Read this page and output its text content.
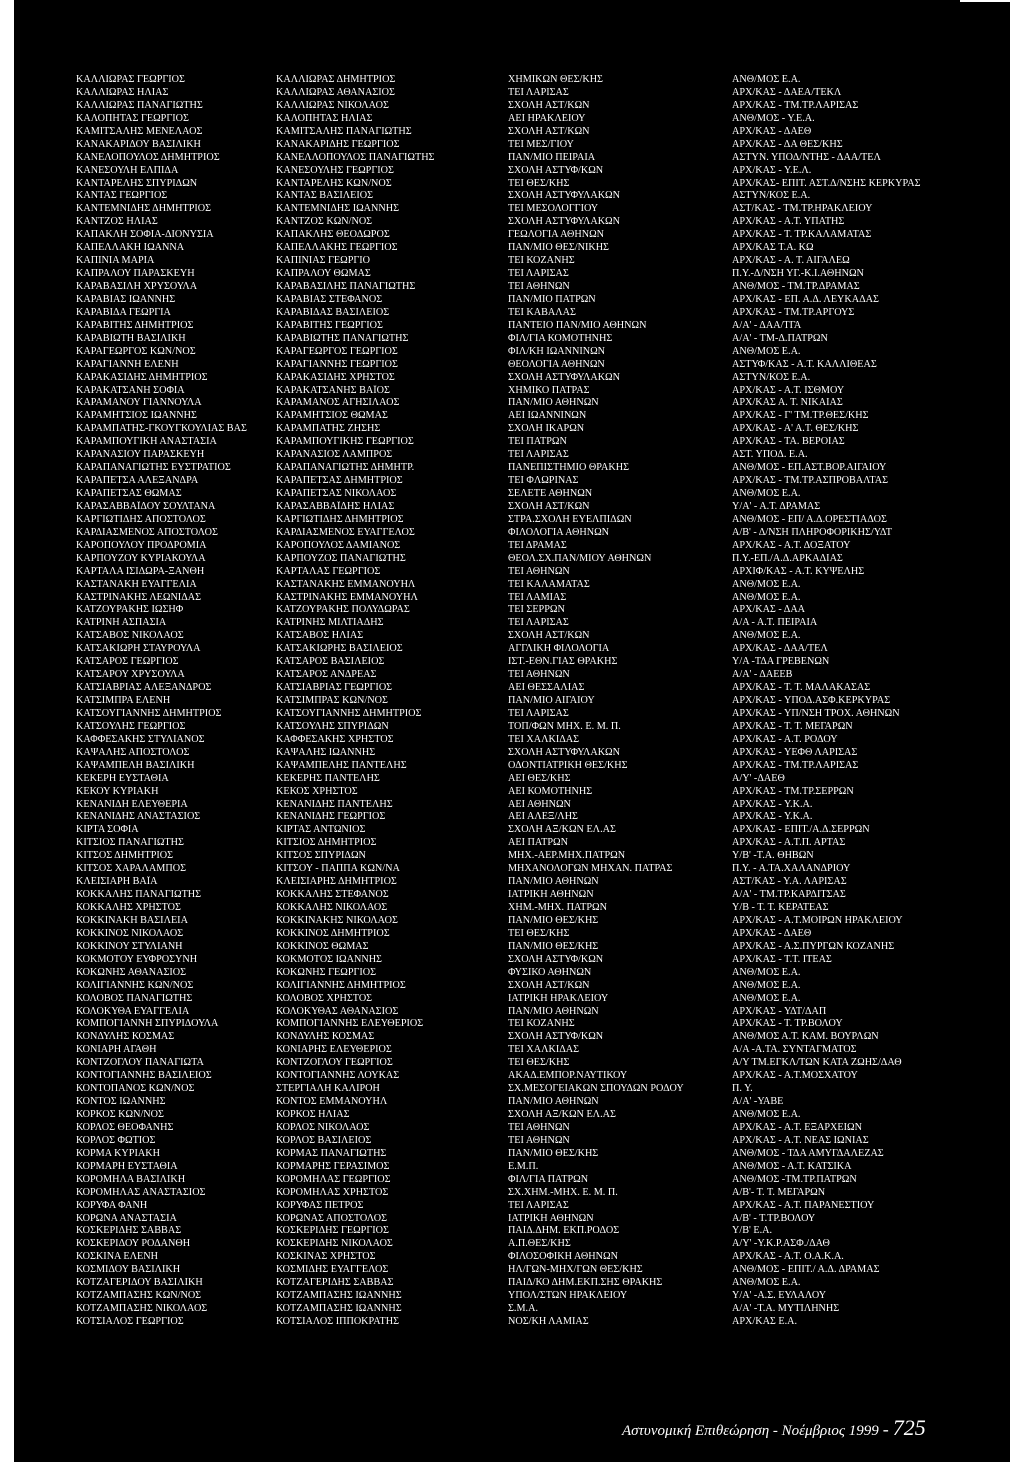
ΚΑΛΛΙΩΡΑΣ ΓΕΩΡΓΙΟΣ	ΚΑΛΛΙΩΡΑΣ ΔΗΜΗΤΡΙΟΣ	ΧΗΜΙΚΩΝ ΘΕΣ/ΚΗΣ	ΑΝΘ/ΜΟΣ Ε.Α.
ΚΑΛΛΙΩΡΑΣ ΗΛΙΑΣ	ΚΑΛΛΙΩΡΑΣ ΑΘΑΝΑΣΙΟΣ	ΤΕΙ ΛΑΡΙΣΑΣ	ΑΡΧ/ΚΑΣ - ΔΑΕΑ/ΤΕΚΛ
ΚΑΛΛΙΩΡΑΣ ΠΑΝΑΓΙΩΤΗΣ	ΚΑΛΛΙΩΡΑΣ ΝΙΚΟΛΑΟΣ	ΣΧΟΛΗ ΑΣΤ/ΚΩΝ	ΑΡΧ/ΚΑΣ - ΤΜ.ΤΡ.ΛΑΡΙΣΑΣ
ΚΑΛΟΠΗΤΑΣ ΓΕΩΡΓΙΟΣ	ΚΑΛΟΠΗΤΑΣ ΗΛΙΑΣ	ΑΕΙ ΗΡΑΚΛΕΙΟΥ	ΑΝΘ/ΜΟΣ - Υ.Ε.Α.
ΚΑΜΙΤΣΑΛΗΣ ΜΕΝΕΛΑΟΣ	ΚΑΜΙΤΣΑΛΗΣ ΠΑΝΑΓΙΩΤΗΣ	ΣΧΟΛΗ ΑΣΤ/ΚΩΝ	ΑΡΧ/ΚΑΣ - ΔΑΕΘ
ΚΑΝΑΚΑΡΙΔΟΥ ΒΑΣΙΛΙΚΗ	ΚΑΝΑΚΑΡΙΔΗΣ ΓΕΩΡΓΙΟΣ	ΤΕΙ ΜΕΣ/ΓΙΟΥ	ΑΡΧ/ΚΑΣ - ΔΑ ΘΕΣ/ΚΗΣ
ΚΑΝΕΛΟΠΟΥΛΟΣ ΔΗΜΗΤΡΙΟΣ	ΚΑΝΕΛΛΟΠΟΥΛΟΣ ΠΑΝΑΓΙΩΤΗΣ	ΠΑΝ/ΜΙΟ ΠΕΙΡΑΙΑ	ΑΣΤΥΝ. ΥΠΟΔ/ΝΤΗΣ - ΔΑΑ/ΤΕΛ
ΚΑΝΕΣΟΥΛΗ ΕΛΠΙΔΑ	ΚΑΝΕΣΟΥΛΗΣ ΓΕΩΡΓΙΟΣ	ΣΧΟΛΗ ΑΣΤΥΦ/ΚΩΝ	ΑΡΧ/ΚΑΣ - Υ.Ε.Λ.
ΚΑΝΤΑΡΕΛΗΣ ΣΠΥΡΙΔΩΝ	ΚΑΝΤΑΡΕΛΗΣ ΚΩΝ/ΝΟΣ	ΤΕΙ ΘΕΣ/ΚΗΣ	ΑΡΧ/ΚΑΣ- ΕΠΙΤ. ΑΣΤ.Δ/ΝΣΗΣ ΚΕΡΚΥΡΑΣ
ΚΑΝΤΑΣ ΓΕΩΡΓΙΟΣ	ΚΑΝΤΑΣ ΒΑΣΙΛΕΙΟΣ	ΣΧΟΛΗ ΑΣΤΥΦΥΛΑΚΩΝ	ΑΣΤΥΝ/ΚΟΣ Ε.Α.
ΚΑΝΤΕΜΝΙΔΗΣ ΔΗΜΗΤΡΙΟΣ	ΚΑΝΤΕΜΝΙΔΗΣ ΙΩΑΝΝΗΣ	ΤΕΙ ΜΕΣΟΛΟΓΓΙΟΥ	ΑΣΤ/ΚΑΣ - ΤΜ.ΤΡ.ΗΡΑΚΛΕΙΟΥ
ΚΑΝΤΖΟΣ ΗΛΙΑΣ	ΚΑΝΤΖΟΣ ΚΩΝ/ΝΟΣ	ΣΧΟΛΗ ΑΣΤΥΦΥΛΑΚΩΝ	ΑΡΧ/ΚΑΣ - Α.Τ. ΥΠΑΤΗΣ
ΚΑΠΑΚΛΗ ΣΟΦΙΑ-ΔΙΟΝΥΣΙΑ	ΚΑΠΑΚΛΗΣ ΘΕΟΔΩΡΟΣ	ΓΕΩΛΟΓΙΑ ΑΘΗΝΩΝ	ΑΡΧ/ΚΑΣ - Τ. ΤΡ.ΚΑΛΑΜΑΤΑΣ
ΚΑΠΕΛΛΑΚΗ ΙΩΑΝΝΑ	ΚΑΠΕΛΛΑΚΗΣ ΓΕΩΡΓΙΟΣ	ΠΑΝ/ΜΙΟ ΘΕΣ/ΝΙΚΗΣ	ΑΡΧ/ΚΑΣ Τ.Α. ΚΩ
ΚΑΠΙΝΙΑ ΜΑΡΙΑ	ΚΑΠΙΝΙΑΣ ΓΕΩΡΓΙΟ	ΤΕΙ ΚΟΖΑΝΗΣ	ΑΡΧ/ΚΑΣ - Α. Τ. ΑΙΓΑΛΕΩ
ΚΑΠΡΑΛΟΥ ΠΑΡΑΣΚΕΥΗ	ΚΑΠΡΑΛΟΥ ΘΩΜΑΣ	ΤΕΙ ΛΑΡΙΣΑΣ	Π.Υ.-Δ/ΝΣΗ ΥΓ.-Κ.Ι.ΑΘΗΝΩΝ
ΚΑΡΑΒΑΣΙΛΗ ΧΡΥΣΟΥΛΑ	ΚΑΡΑΒΑΣΙΛΗΣ ΠΑΝΑΓΙΩΤΗΣ	ΤΕΙ ΑΘΗΝΩΝ	ΑΝΘ/ΜΟΣ - ΤΜ.ΤΡ.ΔΡΑΜΑΣ
ΚΑΡΑΒΙΑΣ ΙΩΑΝΝΗΣ	ΚΑΡΑΒΙΑΣ ΣΤΕΦΑΝΟΣ	ΠΑΝ/ΜΙΟ ΠΑΤΡΩΝ	ΑΡΧ/ΚΑΣ - ΕΠ. Α.Δ. ΛΕΥΚΑΔΑΣ
ΚΑΡΑΒΙΔΑ ΓΕΩΡΓΙΑ	ΚΑΡΑΒΙΔΑΣ ΒΑΣΙΛΕΙΟΣ	ΤΕΙ ΚΑΒΑΛΑΣ	ΑΡΧ/ΚΑΣ - ΤΜ.ΤΡ.ΑΡΓΟΥΣ
ΚΑΡΑΒΙΤΗΣ ΔΗΜΗΤΡΙΟΣ	ΚΑΡΑΒΙΤΗΣ ΓΕΩΡΓΙΟΣ	ΠΑΝΤΕΙΟ ΠΑΝ/ΜΙΟ ΑΘΗΝΩΝ	Α/Α' - ΔΑΑ/ΤΓΑ
ΚΑΡΑΒΙΩΤΗ ΒΑΣΙΛΙΚΗ	ΚΑΡΑΒΙΩΤΗΣ ΠΑΝΑΓΙΩΤΗΣ	ΦΙΛ/ΓΙΑ ΚΟΜΟΤΗΝΗΣ	Α/Α' - ΤΜ-Δ.ΠΑΤΡΩΝ
ΚΑΡΑΓΕΩΡΓΟΣ ΚΩΝ/ΝΟΣ	ΚΑΡΑΓΕΩΡΓΟΣ ΓΕΩΡΓΙΟΣ	ΦΙΛ/ΚΗ ΙΩΑΝΝΙΝΩΝ	ΑΝΘ/ΜΟΣ Ε.Α.
ΚΑΡΑΓΙΑΝΝΗ ΕΛΕΝΗ	ΚΑΡΑΓΙΑΝΝΗΣ ΓΕΩΡΓΙΟΣ	ΘΕΟΛΟΓΙΑ ΑΘΗΝΩΝ	ΑΣΤΥΦ/ΚΑΣ - Α.Τ. ΚΑΛΛΙΘΕΑΣ
ΚΑΡΑΚΑΣΙΔΗΣ ΔΗΜΗΤΡΙΟΣ	ΚΑΡΑΚΑΣΙΔΗΣ ΧΡΗΣΤΟΣ	ΣΧΟΛΗ ΑΣΤΥΦΥΛΑΚΩΝ	ΑΣΤΥΝ/ΚΟΣ Ε.Α.
ΚΑΡΑΚΑΤΣΑΝΗ ΣΟΦΙΑ	ΚΑΡΑΚΑΤΣΑΝΗΣ ΒΑΪΟΣ	ΧΗΜΙΚΟ ΠΑΤΡΑΣ	ΑΡΧ/ΚΑΣ - Α.Τ. ΙΣΘΜΟΥ
ΚΑΡΑΜΑΝΟΥ ΓΙΑΝΝΟΥΛΑ	ΚΑΡΑΜΑΝΟΣ ΑΓΗΣΙΛΑΟΣ	ΠΑΝ/ΜΙΟ ΑΘΗΝΩΝ	ΑΡΧ/ΚΑΣ Α. Τ. ΝΙΚΑΙΑΣ
ΚΑΡΑΜΗΤΣΙΟΣ ΙΩΑΝΝΗΣ	ΚΑΡΑΜΗΤΣΙΟΣ ΘΩΜΑΣ	ΑΕΙ ΙΩΑΝΝΙΝΩΝ	ΑΡΧ/ΚΑΣ - Γ' ΤΜ.ΤΡ.ΘΕΣ/ΚΗΣ
ΚΑΡΑΜΠΑΤΗΣ-ΓΚΟΥΓΚΟΥΛΙΑΣ ΒΑΣ	ΚΑΡΑΜΠΑΤΗΣ ΖΗΣΗΣ	ΣΧΟΛΗ ΙΚΑΡΩΝ	ΑΡΧ/ΚΑΣ - Α' Α.Τ. ΘΕΣ/ΚΗΣ
ΚΑΡΑΜΠΟΥΓΙΚΗ ΑΝΑΣΤΑΣΙΑ	ΚΑΡΑΜΠΟΥΓΙΚΗΣ ΓΕΩΡΓΙΟΣ	ΤΕΙ ΠΑΤΡΩΝ	ΑΡΧ/ΚΑΣ - ΤΑ. ΒΕΡΟΙΑΣ
ΚΑΡΑΝΑΣΙΟΥ ΠΑΡΑΣΚΕΥΗ	ΚΑΡΑΝΑΣΙΟΣ ΛΑΜΠΡΟΣ	ΤΕΙ ΛΑΡΙΣΑΣ	ΑΣΤ. ΥΠΟΔ. Ε.Α.
ΚΑΡΑΠΑΝΑΓΙΩΤΗΣ ΕΥΣΤΡΑΤΙΟΣ	ΚΑΡΑΠΑΝΑΓΙΩΤΗΣ ΔΗΜΗΤΡ.	ΠΑΝΕΠΙΣΤΗΜΙΟ ΘΡΑΚΗΣ	ΑΝΘ/ΜΟΣ - ΕΠ.ΑΣΤ.ΒΟΡ.ΑΙΓΑΙΟΥ
ΚΑΡΑΠΕΤΣΑ ΑΛΕΞΑΝΔΡΑ	ΚΑΡΑΠΕΤΣΑΣ ΔΗΜΗΤΡΙΟΣ	ΤΕΙ ΦΛΩΡΙΝΑΣ	ΑΡΧ/ΚΑΣ - ΤΜ.ΤΡ.ΑΣΠΡΟΒΑΛΤΑΣ
ΚΑΡΑΠΕΤΣΑΣ ΘΩΜΑΣ	ΚΑΡΑΠΕΤΣΑΣ ΝΙΚΟΛΑΟΣ	ΣΕΛΕΤΕ ΑΘΗΝΩΝ	ΑΝΘ/ΜΟΣ Ε.Α.
ΚΑΡΑΣΑΒΒΑΪΔΟΥ ΣΟΥΛΤΑΝΑ	ΚΑΡΑΣΑΒΒΑΪΔΗΣ ΗΛΙΑΣ	ΣΧΟΛΗ ΑΣΤ/ΚΩΝ	Υ/Α' - Α.Τ. ΔΡΑΜΑΣ
ΚΑΡΓΙΩΤΙΔΗΣ ΑΠΟΣΤΟΛΟΣ	ΚΑΡΓΙΩΤΙΔΗΣ ΔΗΜΗΤΡΙΟΣ	ΣΤΡΑ.ΣΧΟΛΗ ΕΥΕΛΠΙΔΩΝ	ΑΝΘ/ΜΟΣ - ΕΠ/ Α.Δ.ΟΡΕΣΤΙΑΔΟΣ
ΚΑΡΔΙΑΣΜΕΝΟΣ ΑΠΟΣΤΟΛΟΣ	ΚΑΡΔΙΑΣΜΕΝΟΣ ΕΥΑΓΓΕΛΟΣ	ΦΙΛΟΛΟΓΙΑ ΑΘΗΝΩΝ	Α/Β' - Δ/ΝΣΗ ΠΛΗΡΟΦΟΡΙΚΗΣ/ΥΔΤ
ΚΑΡΟΠΟΥΛΟΥ ΠΡΟΔΡΟΜΙΑ	ΚΑΡΟΠΟΥΛΟΣ ΔΑΜΙΑΝΟΣ	ΤΕΙ ΔΡΑΜΑΣ	ΑΡΧ/ΚΑΣ - Α.Τ. ΔΟΞΑΤΟΥ
ΚΑΡΠΟΥΖΟΥ ΚΥΡΙΑΚΟΥΛΑ	ΚΑΡΠΟΥΖΟΣ ΠΑΝΑΓΙΩΤΗΣ	ΘΕΟΛ.ΣΧ.ΠΑΝ/ΜΙΟΥ ΑΘΗΝΩΝ	Π.Υ.-ΕΠ./Α.Δ.ΑΡΚΑΔΙΑΣ
ΚΑΡΤΑΛΑ ΙΣΙΔΩΡΑ-ΞΑΝΘΗ	ΚΑΡΤΑΛΑΣ ΓΕΩΡΓΙΟΣ	ΤΕΙ ΑΘΗΝΩΝ	ΑΡΧΙΦ/ΚΑΣ - Α.Τ. ΚΥΨΕΛΗΣ
ΚΑΣΤΑΝΑΚΗ ΕΥΑΓΓΕΛΙΑ	ΚΑΣΤΑΝΑΚΗΣ ΕΜΜΑΝΟΥΗΛ	ΤΕΙ ΚΑΛΑΜΑΤΑΣ	ΑΝΘ/ΜΟΣ Ε.Α.
ΚΑΣΤΡΙΝΑΚΗΣ ΛΕΩΝΙΔΑΣ	ΚΑΣΤΡΙΝΑΚΗΣ ΕΜΜΑΝΟΥΗΛ	ΤΕΙ ΛΑΜΙΑΣ	ΑΝΘ/ΜΟΣ Ε.Α.
ΚΑΤΖΟΥΡΑΚΗΣ ΙΩΣΗΦ	ΚΑΤΖΟΥΡΑΚΗΣ ΠΟΛΥΔΩΡΑΣ	ΤΕΙ ΣΕΡΡΩΝ	ΑΡΧ/ΚΑΣ - ΔΑΑ
ΚΑΤΡΙΝΗ ΑΣΠΑΣΙΑ	ΚΑΤΡΙΝΗΣ ΜΙΛΤΙΑΔΗΣ	ΤΕΙ ΛΑΡΙΣΑΣ	Α/Α - Α.Τ. ΠΕΙΡΑΙΑ
ΚΑΤΣΑΒΟΣ ΝΙΚΟΛΑΟΣ	ΚΑΤΣΑΒΟΣ ΗΛΙΑΣ	ΣΧΟΛΗ ΑΣΤ/ΚΩΝ	ΑΝΘ/ΜΟΣ Ε.Α.
ΚΑΤΣΑΚΙΩΡΗ ΣΤΑΥΡΟΥΛΑ	ΚΑΤΣΑΚΙΩΡΗΣ ΒΑΣΙΛΕΙΟΣ	ΑΓΓΛΙΚΗ ΦΙΛΟΛΟΓΙΑ	ΑΡΧ/ΚΑΣ - ΔΑΑ/ΤΕΛ
ΚΑΤΣΑΡΟΣ ΓΕΩΡΓΙΟΣ	ΚΑΤΣΑΡΟΣ ΒΑΣΙΛΕΙΟΣ	ΙΣΤ.-ΕΘΝ.ΓΙΑΣ ΘΡΑΚΗΣ	Υ/Α -ΤΔΑ ΓΡΕΒΕΝΩΝ
ΚΑΤΣΑΡΟΥ ΧΡΥΣΟΥΛΑ	ΚΑΤΣΑΡΟΣ ΑΝΔΡΕΑΣ	ΤΕΙ ΑΘΗΝΩΝ	Α/Α' - ΔΑΕΕΒ
ΚΑΤΣΙΑΒΡΙΑΣ ΑΛΕΞΑΝΔΡΟΣ	ΚΑΤΣΙΑΒΡΙΑΣ ΓΕΩΡΓΙΟΣ	ΑΕΙ ΘΕΣΣΑΛΙΑΣ	ΑΡΧ/ΚΑΣ - Τ. Τ. ΜΑΛΑΚΑΣΑΣ
ΚΑΤΣΙΜΠΡΑ ΕΛΕΝΗ	ΚΑΤΣΙΜΠΡΑΣ ΚΩΝ/ΝΟΣ	ΠΑΝ/ΜΙΟ ΑΙΓΑΙΟΥ	ΑΡΧ/ΚΑΣ - ΥΠΟΔ.ΑΣΦ.ΚΕΡΚΥΡΑΣ
ΚΑΤΣΟΥΓΙΑΝΝΗΣ ΔΗΜΗΤΡΙΟΣ	ΚΑΤΣΟΥΓΙΑΝΝΗΣ ΔΗΜΗΤΡΙΟΣ	ΤΕΙ ΛΑΡΙΣΑΣ	ΑΡΧ/ΚΑΣ - ΥΠ/ΝΣΗ ΤΡΟΧ. ΑΘΗΝΩΝ
ΚΑΤΣΟΥΛΗΣ ΓΕΩΡΓΙΟΣ	ΚΑΤΣΟΥΛΗΣ ΣΠΥΡΙΔΩΝ	ΤΟΠ/ΦΩΝ ΜΗΧ. Ε. Μ. Π.	ΑΡΧ/ΚΑΣ - Τ. Τ. ΜΕΓΑΡΩΝ
ΚΑΦΦΕΣΑΚΗΣ ΣΤΥΛΙΑΝΟΣ	ΚΑΦΦΕΣΑΚΗΣ ΧΡΗΣΤΟΣ	ΤΕΙ ΧΑΛΚΙΔΑΣ	ΑΡΧ/ΚΑΣ - Α.Τ. ΡΟΔΟΥ
ΚΑΨΑΛΗΣ ΑΠΟΣΤΟΛΟΣ	ΚΑΨΑΛΗΣ ΙΩΑΝΝΗΣ	ΣΧΟΛΗ ΑΣΤΥΦΥΛΑΚΩΝ	ΑΡΧ/ΚΑΣ - ΥΕΦΘ ΛΑΡΙΣΑΣ
ΚΑΨΑΜΠΕΛΗ ΒΑΣΙΛΙΚΗ	ΚΑΨΑΜΠΕΛΗΣ ΠΑΝΤΕΛΗΣ	ΟΔΟΝΤΙΑΤΡΙΚΗ ΘΕΣ/ΚΗΣ	ΑΡΧ/ΚΑΣ - ΤΜ.ΤΡ.ΛΑΡΙΣΑΣ
ΚΕΚΕΡΗ ΕΥΣΤΑΘΙΑ	ΚΕΚΕΡΗΣ ΠΑΝΤΕΛΗΣ	ΑΕΙ ΘΕΣ/ΚΗΣ	Α/Υ' -ΔΑΕΘ
ΚΕΚΟΥ ΚΥΡΙΑΚΗ	ΚΕΚΟΣ ΧΡΗΣΤΟΣ	ΑΕΙ ΚΟΜΟΤΗΝΗΣ	ΑΡΧ/ΚΑΣ - ΤΜ.ΤΡ.ΣΕΡΡΩΝ
ΚΕΝΑΝΙΔΗ ΕΛΕΥΘΕΡΙΑ	ΚΕΝΑΝΙΔΗΣ ΠΑΝΤΕΛΗΣ	ΑΕΙ ΑΘΗΝΩΝ	ΑΡΧ/ΚΑΣ - Υ.Κ.Α.
ΚΕΝΑΝΙΔΗΣ ΑΝΑΣΤΑΣΙΟΣ	ΚΕΝΑΝΙΔΗΣ ΓΕΩΡΓΙΟΣ	ΑΕΙ ΑΛΕΞ/ΛΗΣ	ΑΡΧ/ΚΑΣ - Υ.Κ.Α.
ΚΙΡΤΑ ΣΟΦΙΑ	ΚΙΡΤΑΣ ΑΝΤΩΝΙΟΣ	ΣΧΟΛΗ ΑΞ/ΚΩΝ ΕΛ.ΑΣ	ΑΡΧ/ΚΑΣ - ΕΠΙΤ./Α.Δ.ΣΕΡΡΩΝ
ΚΙΤΣΙΟΣ ΠΑΝΑΓΙΩΤΗΣ	ΚΙΤΣΙΟΣ ΔΗΜΗΤΡΙΟΣ	ΑΕΙ ΠΑΤΡΩΝ	ΑΡΧ/ΚΑΣ - Α.Τ.Π. ΑΡΤΑΣ
ΚΙΤΣΟΣ ΔΗΜΗΤΡΙΟΣ	ΚΙΤΣΟΣ ΣΠΥΡΙΔΩΝ	ΜΗΧ.-ΑΕΡ.ΜΗΧ.ΠΑΤΡΩΝ	Υ/Β' -Τ.Α. ΘΗΒΩΝ
ΚΙΤΣΟΣ ΧΑΡΑΛΑΜΠΟΣ	ΚΙΤΣΟΥ - ΠΑΠΠΑ ΚΩΝ/ΝΑ	ΜΗΧΑΝΟΛΟΓΩΝ ΜΗΧΑΝ. ΠΑΤΡΑΣ	Π.Υ. - Α.ΤΑ.ΧΑΛΑΝΔΡΙΟΥ
ΚΛΕΙΣΙΑΡΗ ΒΑΪΑ	ΚΛΕΙΣΙΑΡΗΣ ΔΗΜΗΤΡΙΟΣ	ΠΑΝ/ΜΙΟ ΑΘΗΝΩΝ	ΑΣΤ/ΚΑΣ - Υ.Α. ΛΑΡΙΣΑΣ
ΚΟΚΚΑΛΗΣ ΠΑΝΑΓΙΩΤΗΣ	ΚΟΚΚΑΛΗΣ ΣΤΕΦΑΝΟΣ	ΙΑΤΡΙΚΗ ΑΘΗΝΩΝ	Α/Α' - ΤΜ.ΤΡ.ΚΑΡΔΙΤΣΑΣ
ΚΟΚΚΑΛΗΣ ΧΡΗΣΤΟΣ	ΚΟΚΚΑΛΗΣ ΝΙΚΟΛΑΟΣ	ΧΗΜ.-ΜΗΧ. ΠΑΤΡΩΝ	Υ/Β - Τ. Τ. ΚΕΡΑΤΕΑΣ
ΚΟΚΚΙΝΑΚΗ ΒΑΣΙΛΕΙΑ	ΚΟΚΚΙΝΑΚΗΣ ΝΙΚΟΛΑΟΣ	ΠΑΝ/ΜΙΟ ΘΕΣ/ΚΗΣ	ΑΡΧ/ΚΑΣ - Α.Τ.ΜΟΙΡΩΝ ΗΡΑΚΛΕΙΟΥ
ΚΟΚΚΙΝΟΣ ΝΙΚΟΛΑΟΣ	ΚΟΚΚΙΝΟΣ ΔΗΜΗΤΡΙΟΣ	ΤΕΙ ΘΕΣ/ΚΗΣ	ΑΡΧ/ΚΑΣ - ΔΑΕΘ
ΚΟΚΚΙΝΟΥ ΣΤΥΛΙΑΝΗ	ΚΟΚΚΙΝΟΣ ΘΩΜΑΣ	ΠΑΝ/ΜΙΟ ΘΕΣ/ΚΗΣ	ΑΡΧ/ΚΑΣ - Α.Σ.ΠΥΡΓΩΝ ΚΟΖΑΝΗΣ
ΚΟΚΜΟΤΟΥ ΕΥΦΡΟΣΥΝΗ	ΚΟΚΜΟΤΟΣ ΙΩΑΝΝΗΣ	ΣΧΟΛΗ ΑΣΤΥΦ/ΚΩΝ	ΑΡΧ/ΚΑΣ - Τ.Τ. ΙΤΕΑΣ
ΚΟΚΩΝΗΣ ΑΘΑΝΑΣΙΟΣ	ΚΟΚΩΝΗΣ ΓΕΩΡΓΙΟΣ	ΦΥΣΙΚΟ ΑΘΗΝΩΝ	ΑΝΘ/ΜΟΣ Ε.Α.
ΚΟΛΙΓΙΑΝΝΗΣ ΚΩΝ/ΝΟΣ	ΚΟΛΙΓΙΑΝΝΗΣ ΔΗΜΗΤΡΙΟΣ	ΣΧΟΛΗ ΑΣΤ/ΚΩΝ	ΑΝΘ/ΜΟΣ Ε.Α.
ΚΟΛΟΒΟΣ ΠΑΝΑΓΙΩΤΗΣ	ΚΟΛΟΒΟΣ ΧΡΗΣΤΟΣ	ΙΑΤΡΙΚΗ ΗΡΑΚΛΕΙΟΥ	ΑΝΘ/ΜΟΣ Ε.Α.
ΚΟΛΟΚΥΘΑ ΕΥΑΓΓΕΛΙΑ	ΚΟΛΟΚΥΘΑΣ ΑΘΑΝΑΣΙΟΣ	ΠΑΝ/ΜΙΟ ΑΘΗΝΩΝ	ΑΡΧ/ΚΑΣ - ΥΔΤ/ΔΑΠ
ΚΟΜΠΟΓΙΑΝΝΗ ΣΠΥΡΙΔΟΥΛΑ	ΚΟΜΠΟΓΙΑΝΝΗΣ ΕΛΕΥΘΕΡΙΟΣ	ΤΕΙ ΚΟΖΑΝΗΣ	ΑΡΧ/ΚΑΣ - Τ. ΤΡ.ΒΟΛΟΥ
ΚΟΝΔΥΛΗΣ ΚΟΣΜΑΣ	ΚΟΝΔΥΛΗΣ ΚΟΣΜΑΣ	ΣΧΟΛΗ ΑΣΤΥΦ/ΚΩΝ	ΑΝΘ/ΜΟΣ Α.Τ. ΚΑΜ. ΒΟΥΡΛΩΝ
ΚΟΝΙΑΡΗ ΑΓΑΘΗ	ΚΟΝΙΑΡΗΣ ΕΛΕΥΘΕΡΙΟΣ	ΤΕΙ ΧΑΛΚΙΔΑΣ	Α/Α -Α.ΤΑ. ΣΥΝΤΑΓΜΑΤΟΣ
ΚΟΝΤΖΟΓΛΟΥ ΠΑΝΑΓΙΩΤΑ	ΚΟΝΤΖΟΓΛΟΥ ΓΕΩΡΓΙΟΣ	ΤΕΙ ΘΕΣ/ΚΗΣ	Α/Υ ΤΜ.ΕΓΚΛ/ΤΩΝ ΚΑΤΑ ΖΩΗΣ/ΔΑΘ
ΚΟΝΤΟΓΙΑΝΝΗΣ ΒΑΣΙΛΕΙΟΣ	ΚΟΝΤΟΓΙΑΝΝΗΣ ΛΟΥΚΑΣ	ΑΚΑΔ.ΕΜΠΟΡ.ΝΑΥΤΙΚΟΥ	ΑΡΧ/ΚΑΣ - Α.Τ.ΜΟΣΧΑΤΟΥ
ΚΟΝΤΟΠΑΝΟΣ ΚΩΝ/ΝΟΣ	ΣΤΕΡΓΙΑΛΗ ΚΑΛΙΡΟΗ	ΣΧ.ΜΕΣΟΓΕΙΑΚΩΝ ΣΠΟΥΔΩΝ ΡΟΔΟΥ	Π. Υ.
ΚΟΝΤΟΣ ΙΩΑΝΝΗΣ	ΚΟΝΤΟΣ ΕΜΜΑΝΟΥΗΛ	ΠΑΝ/ΜΙΟ ΑΘΗΝΩΝ	Α/Α' -ΥΑΒΕ
ΚΟΡΚΟΣ ΚΩΝ/ΝΟΣ	ΚΟΡΚΟΣ ΗΛΙΑΣ	ΣΧΟΛΗ ΑΞ/ΚΩΝ ΕΛ.ΑΣ	ΑΝΘ/ΜΟΣ Ε.Α.
ΚΟΡΛΟΣ ΘΕΟΦΑΝΗΣ	ΚΟΡΛΟΣ ΝΙΚΟΛΑΟΣ	ΤΕΙ ΑΘΗΝΩΝ	ΑΡΧ/ΚΑΣ - Α.Τ. ΕΞΑΡΧΕΙΩΝ
ΚΟΡΛΟΣ ΦΩΤΙΟΣ	ΚΟΡΛΟΣ ΒΑΣΙΛΕΙΟΣ	ΤΕΙ ΑΘΗΝΩΝ	ΑΡΧ/ΚΑΣ - Α.Τ. ΝΕΑΣ ΙΩΝΙΑΣ
ΚΟΡΜΑ ΚΥΡΙΑΚΗ	ΚΟΡΜΑΣ ΠΑΝΑΓΙΩΤΗΣ	ΠΑΝ/ΜΙΟ ΘΕΣ/ΚΗΣ	ΑΝΘ/ΜΟΣ - ΤΔΑ ΑΜΥΓΔΑΛΕΖΑΣ
ΚΟΡΜΑΡΗ ΕΥΣΤΑΘΙΑ	ΚΟΡΜΑΡΗΣ ΓΕΡΑΣΙΜΟΣ	Ε.Μ.Π.	ΑΝΘ/ΜΟΣ - Α.Τ. ΚΑΤΣΙΚΑ
ΚΟΡΟΜΗΛΑ ΒΑΣΙΛΙΚΗ	ΚΟΡΟΜΗΛΑΣ ΓΕΩΡΓΙΟΣ	ΦΙΛ/ΓΙΑ ΠΑΤΡΩΝ	ΑΝΘ/ΜΟΣ -ΤΜ.ΤΡ.ΠΑΤΡΩΝ
ΚΟΡΟΜΗΛΑΣ ΑΝΑΣΤΑΣΙΟΣ	ΚΟΡΟΜΗΛΑΣ ΧΡΗΣΤΟΣ	ΣΧ.ΧΗΜ.-ΜΗΧ. Ε. Μ. Π.	Α/Β'- Τ. Τ. ΜΕΓΑΡΩΝ
ΚΟΡΥΦΑ ΦΑΝΗ	ΚΟΡΥΦΑΣ ΠΕΤΡΟΣ	ΤΕΙ ΛΑΡΙΣΑΣ	ΑΡΧ/ΚΑΣ - Α.Τ. ΠΑΡΑΝΕΣΤΙΟΥ
ΚΟΡΩΝΑ ΑΝΑΣΤΑΣΙΑ	ΚΟΡΩΝΑΣ ΑΠΟΣΤΟΛΟΣ	ΙΑΤΡΙΚΗ ΑΘΗΝΩΝ	Α/Β' - Τ.ΤΡ.ΒΟΛΟΥ
ΚΟΣΚΕΡΙΔΗΣ ΣΑΒΒΑΣ	ΚΟΣΚΕΡΙΔΗΣ ΓΕΩΡΓΙΟΣ	ΠΑΙΔ.ΔΗΜ. ΕΚΠ.ΡΟΔΟΣ	Υ/Β' Ε.Α.
ΚΟΣΚΕΡΙΔΟΥ ΡΟΔΑΝΘΗ	ΚΟΣΚΕΡΙΔΗΣ ΝΙΚΟΛΑΟΣ	Α.Π.ΘΕΣ/ΚΗΣ	Α/Υ' -Υ.Κ.Ρ.ΑΣΦ./ΔΑΘ
ΚΟΣΚΙΝΑ ΕΛΕΝΗ	ΚΟΣΚΙΝΑΣ ΧΡΗΣΤΟΣ	ΦΙΛΟΣΟΦΙΚΗ ΑΘΗΝΩΝ	ΑΡΧ/ΚΑΣ - Α.Τ. Ο.Α.Κ.Α.
ΚΟΣΜΙΔΟΥ ΒΑΣΙΛΙΚΗ	ΚΟΣΜΙΔΗΣ ΕΥΑΓΓΕΛΟΣ	ΗΛ/ΓΩΝ-ΜΗΧ/ΓΩΝ ΘΕΣ/ΚΗΣ	ΑΝΘ/ΜΟΣ - ΕΠΙΤ./ Α.Δ. ΔΡΑΜΑΣ
ΚΟΤΖΑΓΕΡΙΔΟΥ ΒΑΣΙΛΙΚΗ	ΚΟΤΖΑΓΕΡΙΔΗΣ ΣΑΒΒΑΣ	ΠΑΙΔ/ΚΟ ΔΗΜ.ΕΚΠ.ΣΗΣ ΘΡΑΚΗΣ	ΑΝΘ/ΜΟΣ Ε.Α.
ΚΟΤΖΑΜΠΑΣΗΣ ΚΩΝ/ΝΟΣ	ΚΟΤΖΑΜΠΑΣΗΣ ΙΩΑΝΝΗΣ	ΥΠΟΛ/ΣΤΩΝ ΗΡΑΚΛΕΙΟΥ	Υ/Α' -Α.Σ. ΕΥΛΑΛΟΥ
ΚΟΤΖΑΜΠΑΣΗΣ ΝΙΚΟΛΑΟΣ	ΚΟΤΖΑΜΠΑΣΗΣ ΙΩΑΝΝΗΣ	Σ.Μ.Α.	Α/Α' -Τ.Α. ΜΥΤΙΛΗΝΗΣ
ΚΟΤΣΙΑΛΟΣ ΓΕΩΡΓΙΟΣ	ΚΟΤΣΙΑΛΟΣ ΙΠΠΟΚΡΑΤΗΣ	ΝΟΣ/ΚΗ ΛΑΜΙΑΣ	ΑΡΧ/ΚΑΣ Ε.Α.
Αστυνομική Επιθεώρηση - Νοέμβριος 1999 - 725
